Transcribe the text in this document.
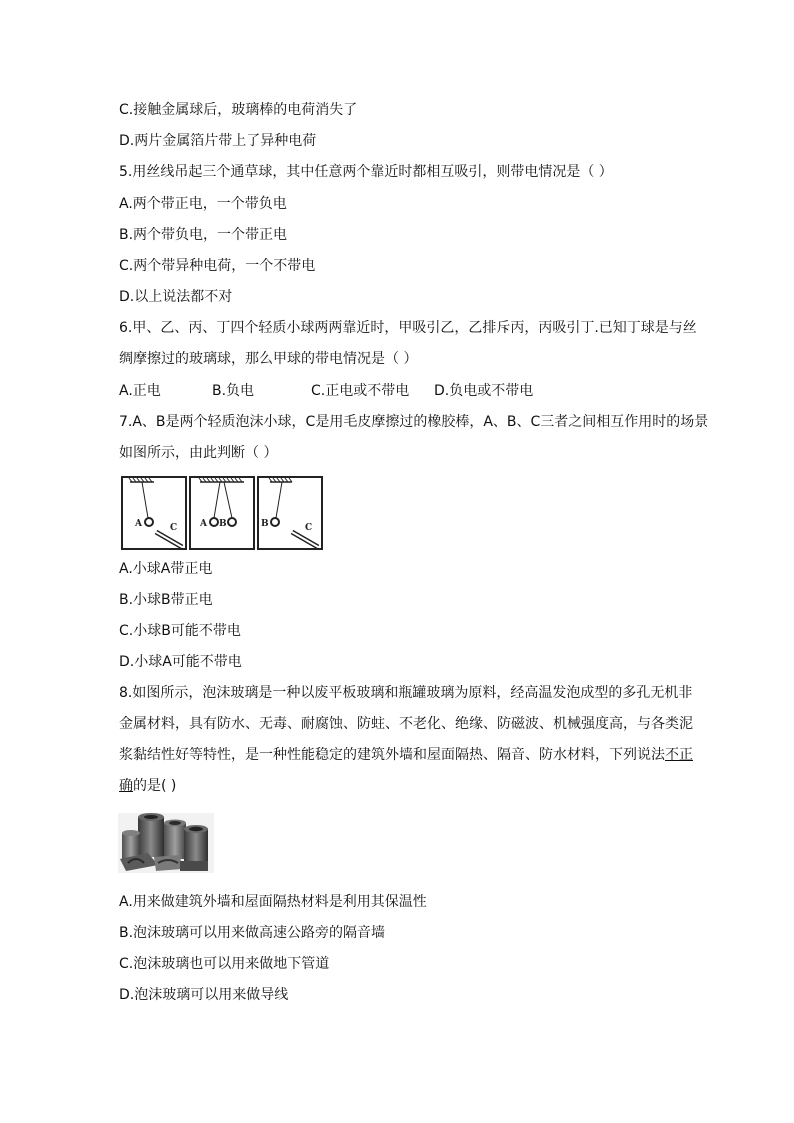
C.接触金属球后，玻璃棒的电荷消失了
D.两片金属箔片带上了异种电荷
5.用丝线吊起三个通草球，其中任意两个靠近时都相互吸引，则带电情况是（ ）
A.两个带正电，一个带负电
B.两个带负电，一个带正电
C.两个带异种电荷，一个不带电
D.以上说法都不对
6.甲、乙、丙、丁四个轻质小球两两靠近时，甲吸引乙，乙排斥丙，丙吸引丁.已知丁球是与丝
绸摩擦过的玻璃球，那么甲球的带电情况是（ ）
A.正电	B.负电	C.正电或不带电 D.负电或不带电
7.A、B是两个轻质泡沫小球，C是用毛皮摩擦过的橡胶棒，A、B、C三者之间相互作用时的场景
如图所示，由此判断（ ）
A	C	A B	B	C
A.小球A带正电
B.小球B带正电
C.小球B可能不带电
D.小球A可能不带电
8.如图所示，泡沫玻璃是一种以废平板玻璃和瓶罐玻璃为原料，经高温发泡成型的多孔无机非
金属材料，具有防水、无毒、耐腐蚀、防蛀、不老化、绝缘、防磁波、机械强度高，与各类泥
浆黏结性好等特性，是一种性能稳定的建筑外墙和屋面隔热、隔音、防水材料，下列说法不正
确的是( )
A.用来做建筑外墙和屋面隔热材料是利用其保温性
B.泡沫玻璃可以用来做高速公路旁的隔音墙
C.泡沫玻璃也可以用来做地下管道
D.泡沫玻璃可以用来做导线
